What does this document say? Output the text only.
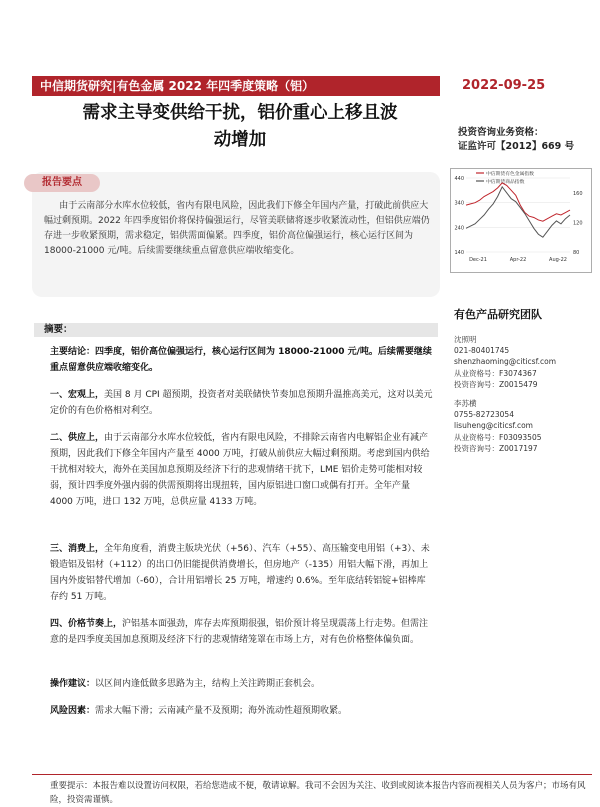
中信期货研究|有色金属 2022 年四季度策略（铝）	2022-09-25
需求主导变供给干扰，铝价重心上移且波
动增加	投资咨询业务资格：
证监许可【2012】669 号
报告要点
由于云南部分水库水位较低，省内有限电风险，因此我们下修全年国内产量，打破此前供应大幅过剩预期。2022 年四季度铝价将保持偏强运行，尽管美联储将逐步收紧流动性，但铝供应端仍存进一步收紧预期，需求稳定，铝供需面偏紧。四季度，铝价高位偏强运行，核心运行区间为 18000-21000 元/吨。后续需要继续重点留意供应端收缩变化。
中信期货有色金属指数
中信期货商品指数
140
240
340
440
80
120
160
Dec-21	Apr-22	Aug-22
有色产品研究团队
沈照明
021-80401745
shenzhaoming@citicsf.com
从业资格号：F3074367
投资咨询号：Z0015479
李苏横
0755-82723054
lisuheng@citicsf.com
从业资格号：F03093505
投资咨询号：Z0017197
摘要：

主要结论：四季度，铝价高位偏强运行，核心运行区间为 18000-21000 元/吨。后续需要继续重点留意供应端收缩变化。

一、宏观上，美国 8 月 CPI 超预期，投资者对美联储快节奏加息预期升温推高美元，这对以美元定价的有色价格相对利空。

二、供应上，由于云南部分水库水位较低，省内有限电风险，不排除云南省内电解铝企业有减产预期，因此我们下修全年国内产量至 4000 万吨，打破从前供应大幅过剩预期。考虑到国内供给干扰相对较大，海外在美国加息预期及经济下行的悲观情绪干扰下，LME 铝价走势可能相对较弱，预计四季度外强内弱的供需预期将出现扭转，国内原铝进口窗口或偶有打开。全年产量 4000 万吨，进口 132 万吨，总供应量 4133 万吨。

三、消费上，全年角度看，消费主版块光伏（+56）、汽车（+55）、高压输变电用铝（+3）、未锻造铝及铝材（+112）的出口仍旧能提供消费增长，但房地产（-135）用铝大幅下滑，再加上国内外废铝替代增加（-60），合计用铝增长 25 万吨，增速约 0.6%。至年底结转铝锭+铝棒库存约 51 万吨。

四、价格节奏上，沪铝基本面强劲，库存去库预期很强，铝价预计将呈现震荡上行走势。但需注意的是四季度美国加息预期及经济下行的悲观情绪笼罩在市场上方，对有色价格整体偏负面。

操作建议：以区间内逢低做多思路为主，结构上关注跨期正套机会。

风险因素：需求大幅下滑；云南减产量不及预期；海外流动性超预期收紧。

重要提示：本报告难以设置访问权限，若给您造成不便，敬请谅解。我司不会因为关注、收到或阅读本报告内容而视相关人员为客户；市场有风险，投资需谨慎。
